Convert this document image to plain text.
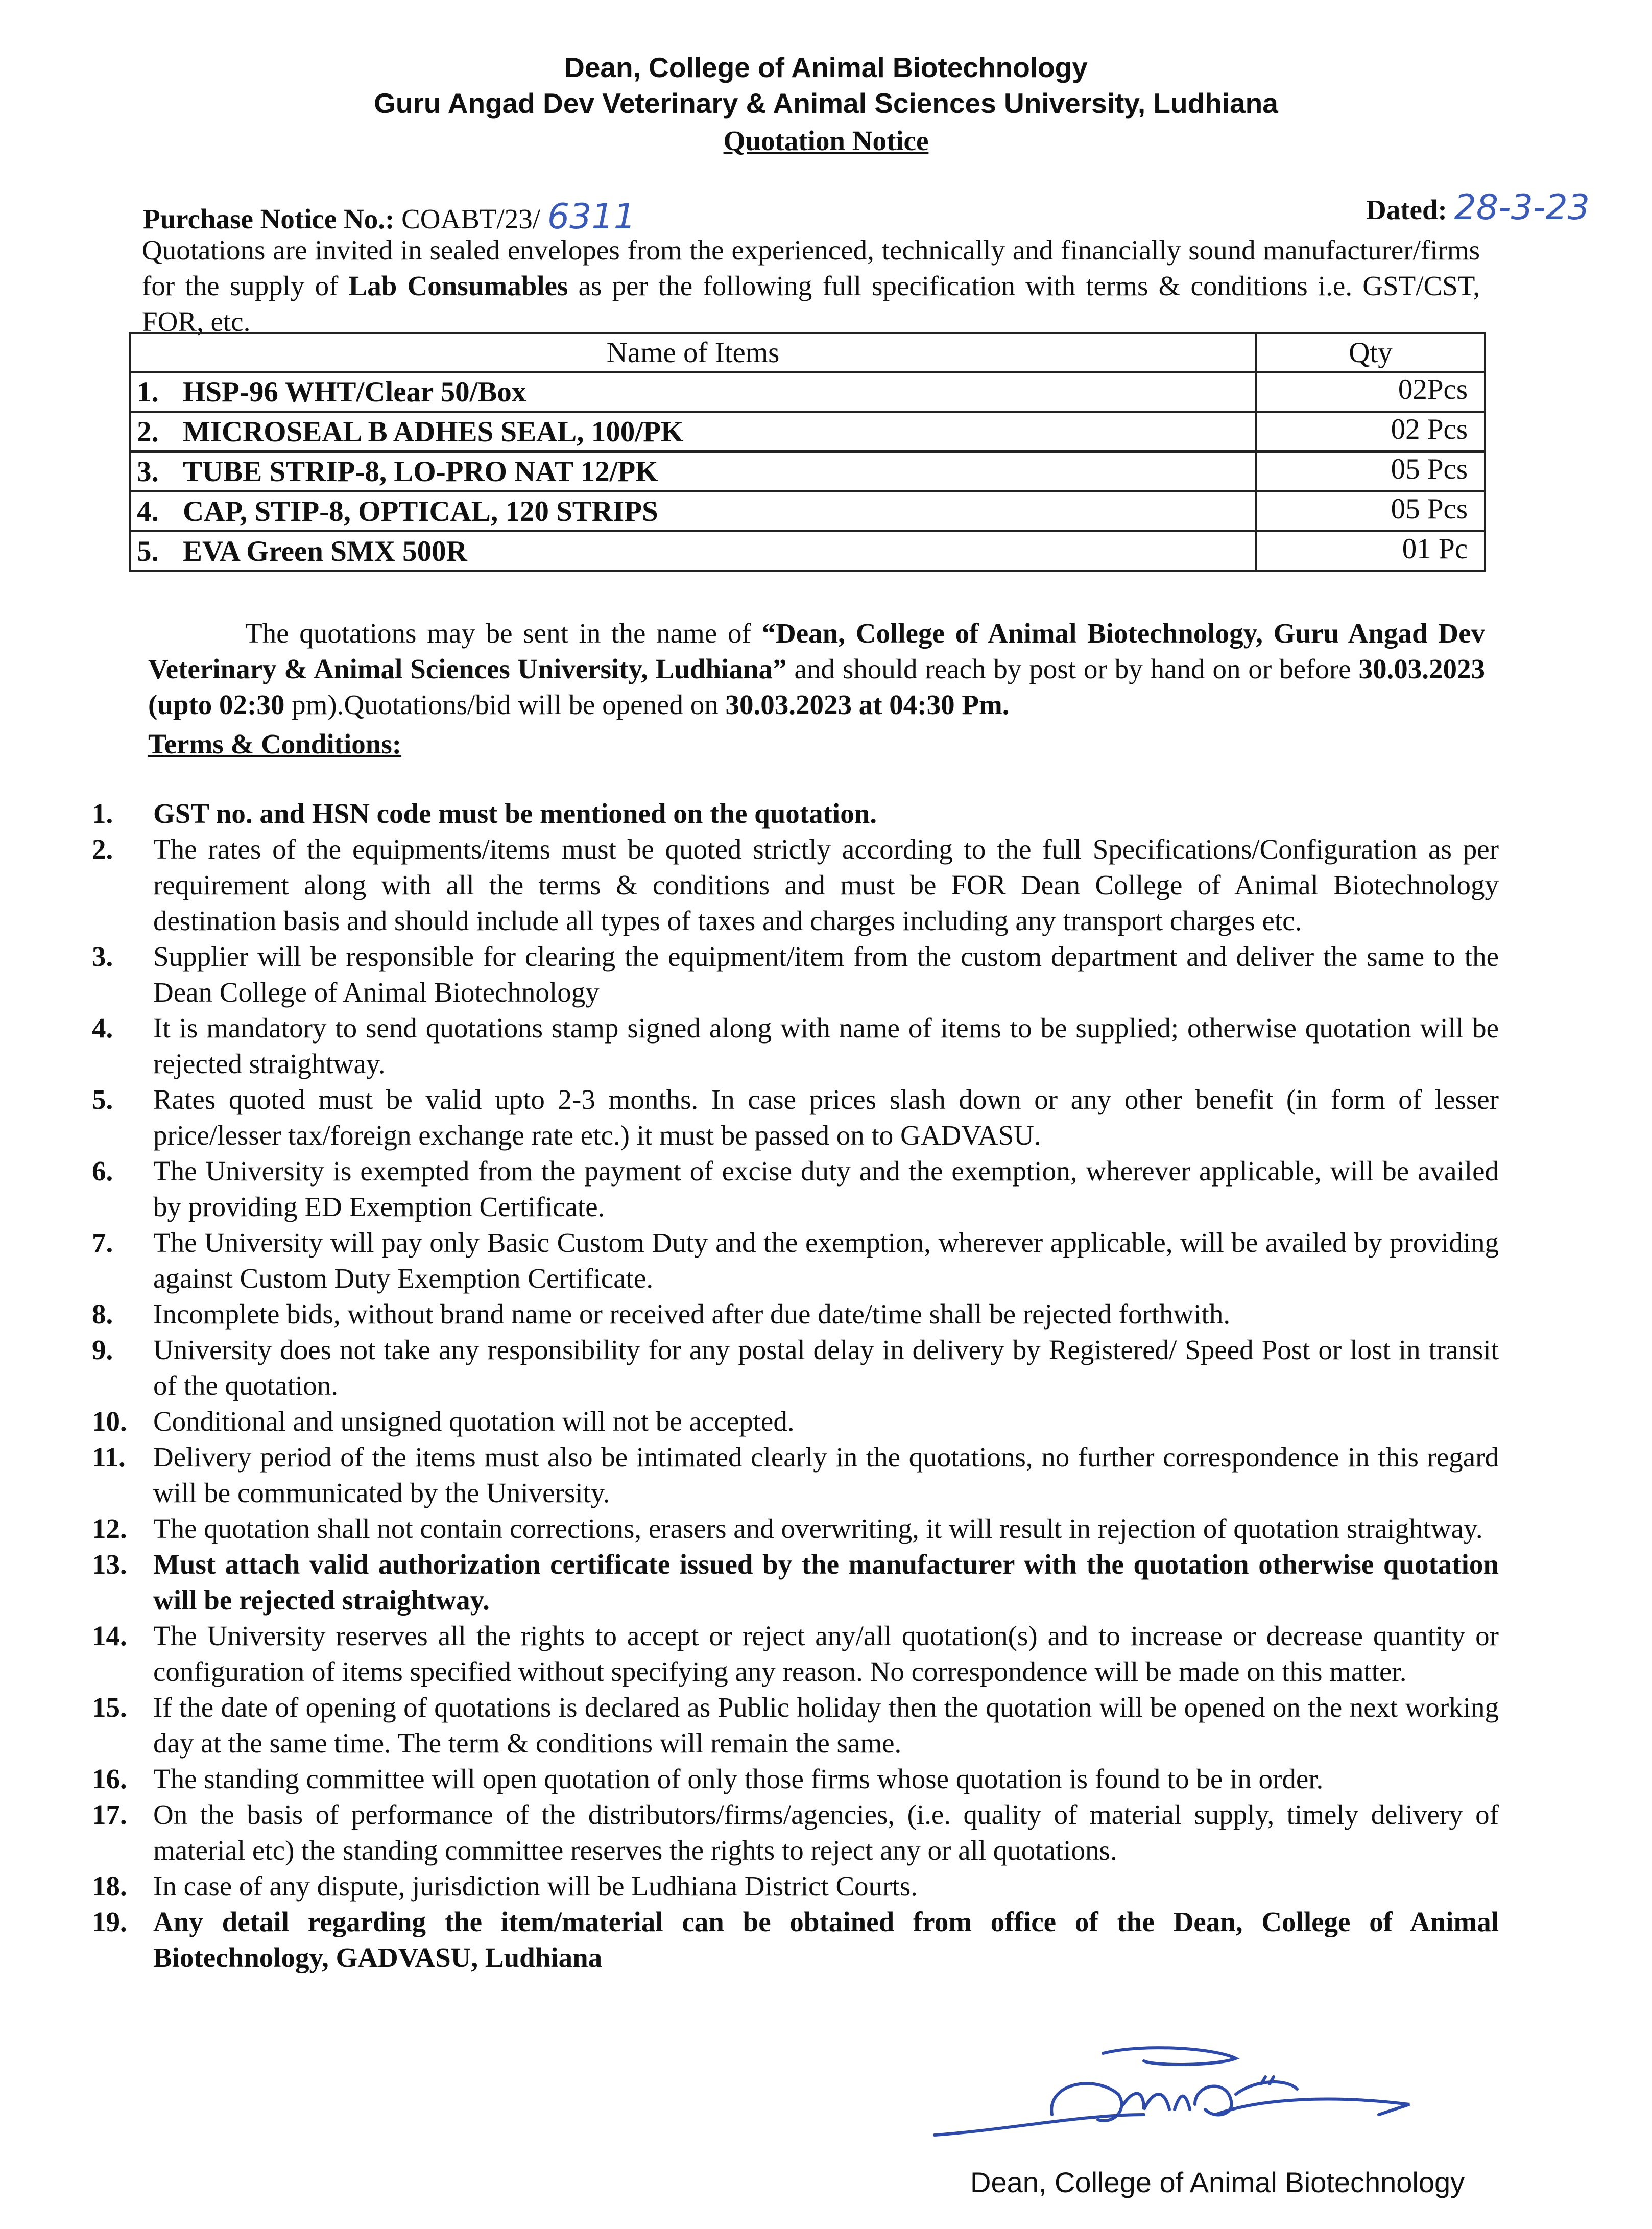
Dean, College of Animal Biotechnology
Guru Angad Dev Veterinary & Animal Sciences University, Ludhiana
Quotation Notice
Purchase Notice No.: COABT/23/ 6311	Dated: 28-3-23
Quotations are invited in sealed envelopes from the experienced, technically and financially sound manufacturer/firms for the supply of Lab Consumables as per the following full specification with terms & conditions i.e. GST/CST, FOR, etc.
Name of Items	Qty
1. HSP-96 WHT/Clear 50/Box	02Pcs
2. MICROSEAL B ADHES SEAL, 100/PK	02 Pcs
3. TUBE STRIP-8, LO-PRO NAT 12/PK	05 Pcs
4. CAP, STIP-8, OPTICAL, 120 STRIPS	05 Pcs
5. EVA Green SMX 500R	01 Pc
The quotations may be sent in the name of “Dean, College of Animal Biotechnology, Guru Angad Dev Veterinary & Animal Sciences University, Ludhiana” and should reach by post or by hand on or before 30.03.2023 (upto 02:30 pm).Quotations/bid will be opened on 30.03.2023 at 04:30 Pm.
Terms & Conditions:
1.	GST no. and HSN code must be mentioned on the quotation.
2.	The rates of the equipments/items must be quoted strictly according to the full Specifications/Configuration as per requirement along with all the terms & conditions and must be FOR Dean College of Animal Biotechnology destination basis and should include all types of taxes and charges including any transport charges etc.
3.	Supplier will be responsible for clearing the equipment/item from the custom department and deliver the same to the Dean College of Animal Biotechnology
4.	It is mandatory to send quotations stamp signed along with name of items to be supplied; otherwise quotation will be rejected straightway.
5.	Rates quoted must be valid upto 2-3 months. In case prices slash down or any other benefit (in form of lesser price/lesser tax/foreign exchange rate etc.) it must be passed on to GADVASU.
6.	The University is exempted from the payment of excise duty and the exemption, wherever applicable, will be availed by providing ED Exemption Certificate.
7.	The University will pay only Basic Custom Duty and the exemption, wherever applicable, will be availed by providing against Custom Duty Exemption Certificate.
8.	Incomplete bids, without brand name or received after due date/time shall be rejected forthwith.
9.	University does not take any responsibility for any postal delay in delivery by Registered/ Speed Post or lost in transit of the quotation.
10. Conditional and unsigned quotation will not be accepted.
11. Delivery period of the items must also be intimated clearly in the quotations, no further correspondence in this regard will be communicated by the University.
12. The quotation shall not contain corrections, erasers and overwriting, it will result in rejection of quotation straightway.
13. Must attach valid authorization certificate issued by the manufacturer with the quotation otherwise quotation will be rejected straightway.
14. The University reserves all the rights to accept or reject any/all quotation(s) and to increase or decrease quantity or configuration of items specified without specifying any reason. No correspondence will be made on this matter.
15. If the date of opening of quotations is declared as Public holiday then the quotation will be opened on the next working day at the same time. The term & conditions will remain the same.
16. The standing committee will open quotation of only those firms whose quotation is found to be in order.
17. On the basis of performance of the distributors/firms/agencies, (i.e. quality of material supply, timely delivery of material etc) the standing committee reserves the rights to reject any or all quotations.
18. In case of any dispute, jurisdiction will be Ludhiana District Courts.
19. Any detail regarding the item/material can be obtained from office of the Dean, College of Animal Biotechnology, GADVASU, Ludhiana
Dean, College of Animal Biotechnology
